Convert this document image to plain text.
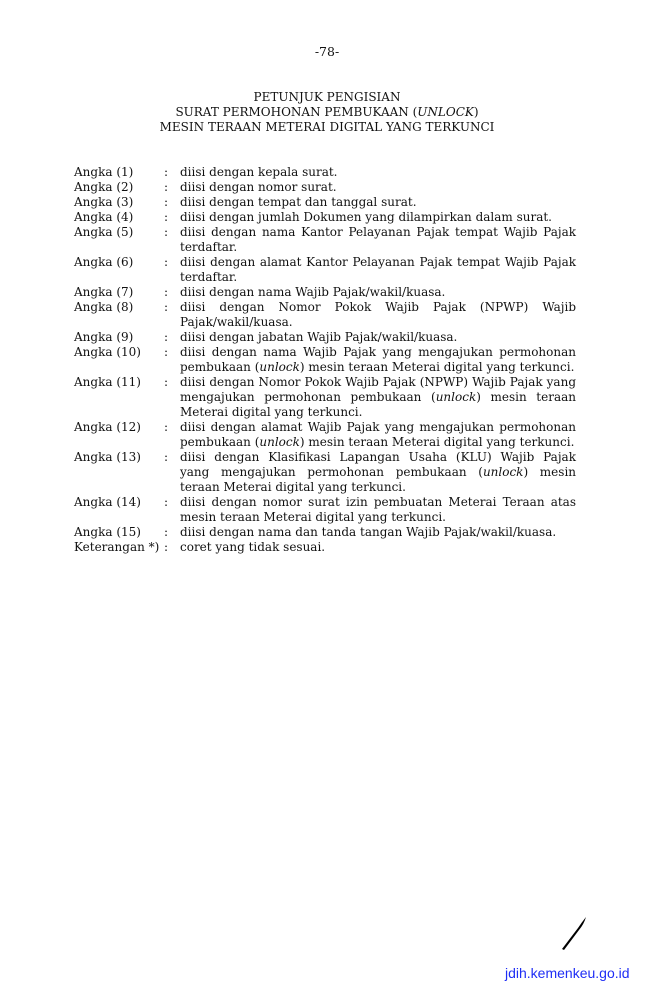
-78-
PETUNJUK PENGISIAN
SURAT PERMOHONAN PEMBUKAAN (UNLOCK)
MESIN TERAAN METERAI DIGITAL YANG TERKUNCI
Angka (1)	: diisi dengan kepala surat.
Angka (2)	: diisi dengan nomor surat.
Angka (3)	: diisi dengan tempat dan tanggal surat.
Angka (4)	: diisi dengan jumlah Dokumen yang dilampirkan dalam surat.
Angka (5)	: diisi dengan nama Kantor Pelayanan Pajak tempat Wajib Pajak
terdaftar.
Angka (6)	: diisi dengan alamat Kantor Pelayanan Pajak tempat Wajib Pajak
terdaftar.
Angka (7)	: diisi dengan nama Wajib Pajak/wakil/kuasa.
Angka (8)	: diisi dengan Nomor Pokok Wajib Pajak (NPWP) Wajib
Pajak/wakil/kuasa.
Angka (9)	: diisi dengan jabatan Wajib Pajak/wakil/kuasa.
Angka (10)	: diisi dengan nama Wajib Pajak yang mengajukan permohonan
pembukaan (unlock) mesin teraan Meterai digital yang terkunci.
Angka (11)	: diisi dengan Nomor Pokok Wajib Pajak (NPWP) Wajib Pajak yang
mengajukan permohonan pembukaan (unlock) mesin teraan
Meterai digital yang terkunci.
Angka (12)	: diisi dengan alamat Wajib Pajak yang mengajukan permohonan
pembukaan (unlock) mesin teraan Meterai digital yang terkunci.
Angka (13)	: diisi dengan Klasifikasi Lapangan Usaha (KLU) Wajib Pajak
yang mengajukan permohonan pembukaan (unlock) mesin
teraan Meterai digital yang terkunci.
Angka (14)	: diisi dengan nomor surat izin pembuatan Meterai Teraan atas
mesin teraan Meterai digital yang terkunci.
Angka (15)	: diisi dengan nama dan tanda tangan Wajib Pajak/wakil/kuasa.
Keterangan *) : coret yang tidak sesuai.
jdih.kemenkeu.go.id
